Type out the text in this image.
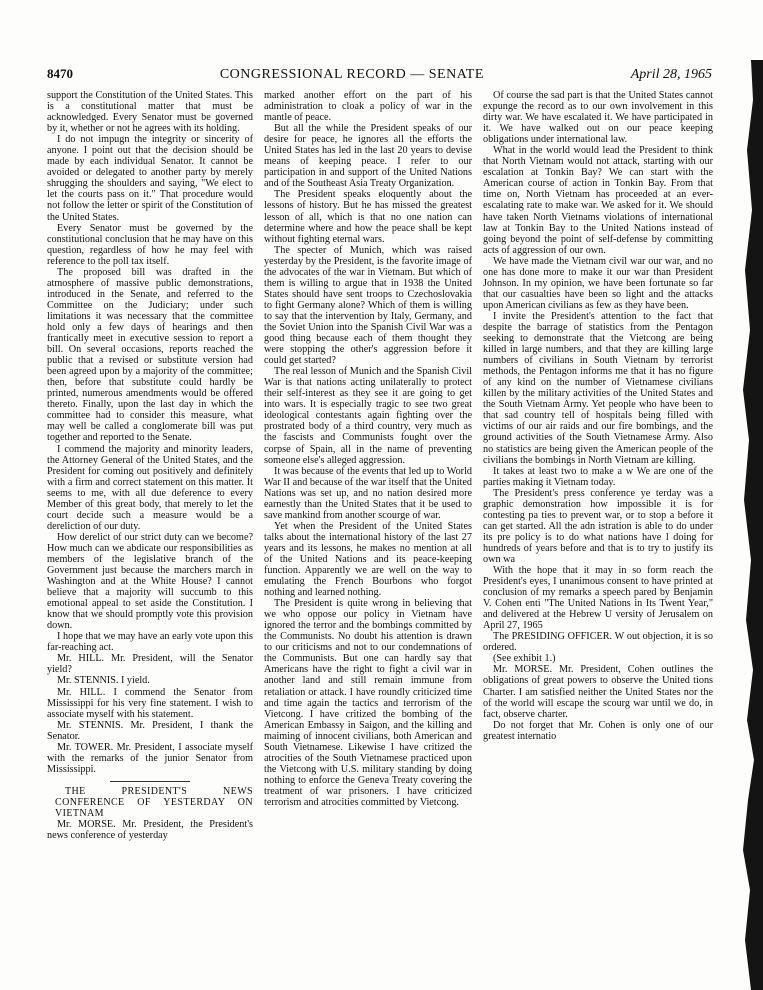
8470	CONGRESSIONAL RECORD — SENATE	April 28, 1965

support the Constitution of the United States. This is a constitutional matter that must be acknowledged. Every Senator must be governed by it, whether or not he agrees with its holding.

I do not impugn the integrity or sincerity of anyone. I point out that the decision should be made by each individual Senator. It cannot be avoided or delegated to another party by merely shrugging the shoulders and saying, "We elect to let the courts pass on it." That procedure would not follow the letter or spirit of the Constitution of the United States.

Every Senator must be governed by the constitutional conclusion that he may have on this question, regardless of how he may feel with reference to the poll tax itself.

The proposed bill was drafted in the atmosphere of massive public demonstrations, introduced in the Senate, and referred to the Committee on the Judiciary; under such limitations it was necessary that the committee hold only a few days of hearings and then frantically meet in executive session to report a bill. On several occasions, reports reached the public that a revised or substitute version had been agreed upon by a majority of the committee; then, before that substitute could hardly be printed, numerous amendments would be offered thereto. Finally, upon the last day in which the committee had to consider this measure, what may well be called a conglomerate bill was put together and reported to the Senate.

I commend the majority and minority leaders, the Attorney General of the United States, and the President for coming out positively and definitely with a firm and correct statement on this matter. It seems to me, with all due deference to every Member of this great body, that merely to let the court decide such a measure would be a dereliction of our duty.

How derelict of our strict duty can we become? How much can we abdicate our responsibilities as members of the legislative branch of the Government just because the marchers march in Washington and at the White House? I cannot believe that a majority will succumb to this emotional appeal to set aside the Constitution. I know that we should promptly vote this provision down.

I hope that we may have an early vote upon this far-reaching act.

Mr. HILL. Mr. President, will the Senator yield?

Mr. STENNIS. I yield.

Mr. HILL. I commend the Senator from Mississippi for his very fine statement. I wish to associate myself with his statement.

Mr. STENNIS. Mr. President, I thank the Senator.

Mr. TOWER. Mr. President, I associate myself with the remarks of the junior Senator from Mississippi.

THE PRESIDENT'S NEWS CONFERENCE OF YESTERDAY ON VIETNAM

Mr. MORSE. Mr. President, the President's news conference of yesterday

marked another effort on the part of his administration to cloak a policy of war in the mantle of peace.

But all the while the President speaks of our desire for peace, he ignores all the efforts the United States has led in the last 20 years to devise means of keeping peace. I refer to our participation in and support of the United Nations and of the Southeast Asia Treaty Organization.

The President speaks eloquently about the lessons of history. But he has missed the greatest lesson of all, which is that no one nation can determine where and how the peace shall be kept without fighting eternal wars.

The specter of Munich, which was raised yesterday by the President, is the favorite image of the advocates of the war in Vietnam. But which of them is willing to argue that in 1938 the United States should have sent troops to Czechoslovakia to fight Germany alone? Which of them is willing to say that the intervention by Italy, Germany, and the Soviet Union into the Spanish Civil War was a good thing because each of them thought they were stopping the other's aggression before it could get started?

The real lesson of Munich and the Spanish Civil War is that nations acting unilaterally to protect their self-interest as they see it are going to get into wars. It is especially tragic to see two great ideological contestants again fighting over the prostrated body of a third country, very much as the fascists and Communists fought over the corpse of Spain, all in the name of preventing someone else's alleged aggression.

It was because of the events that led up to World War II and because of the war itself that the United Nations was set up, and no nation desired more earnestly than the United States that it be used to save mankind from another scourge of war.

Yet when the President of the United States talks about the international history of the last 27 years and its lessons, he makes no mention at all of the United Nations and its peace-keeping function. Apparently we are well on the way to emulating the French Bourbons who forgot nothing and learned nothing.

The President is quite wrong in believing that we who oppose our policy in Vietnam have ignored the terror and the bombings committed by the Communists. No doubt his attention is drawn to our criticisms and not to our condemnations of the Communists. But one can hardly say that Americans have the right to fight a civil war in another land and still remain immune from retaliation or attack. I have roundly criticized time and time again the tactics and terrorism of the Vietcong. I have critized the bombing of the American Embassy in Saigon, and the killing and maiming of innocent civilians, both American and South Vietnamese. Likewise I have critized the atrocities of the South Vietnamese practiced upon the Vietcong with U.S. military standing by doing nothing to enforce the Geneva Treaty covering the treatment of war prisoners. I have criticized terrorism and atrocities committed by Vietcong.

Of course the sad part is that the United States cannot expunge the record as to our own involvement in this dirty war. We have escalated it. We have participated in it. We have walked out on our peace keeping obligations under international law.

What in the world would lead the President to think that North Vietnam would not attack, starting with our escalation at Tonkin Bay? We can start with the American course of action in Tonkin Bay. From that time on, North Vietnam has proceeded at an ever-escalating rate to make war. We asked for it. We should have taken North Vietnams violations of international law at Tonkin Bay to the United Nations instead of going beyond the point of self-defense by committing acts of aggression of our own.

We have made the Vietnam civil war our war, and no one has done more to make it our war than President Johnson. In my opinion, we have been fortunate so far that our casualties have been so light and the attacks upon American civilians as few as they have been.

I invite the President's attention to the fact that despite the barrage of statistics from the Pentagon seeking to demonstrate that the Vietcong are being killed in large numbers, and that they are killing large numbers of civilians in South Vietnam by terrorist methods, the Pentagon informs me that it has no figure of any kind on the number of Vietnamese civilians killen by the military activities of the United States and the South Vietnam Army. Yet people who have been to that sad country tell of hospitals being filled with victims of our air raids and our fire bombings, and the ground activities of the South Vietnamese Army. Also no statistics are being given the American people of the civilians the bombings in North Vietnam are killing.

It takes at least two to make a w We are one of the parties making it Vietnam today.

The President's press conference ye terday was a graphic demonstration how impossible it is for contesting pa ties to prevent war, or to stop a before it can get started. All the adn istration is able to do under its pre policy is to do what nations have l doing for hundreds of years before and that is to try to justify its own wa

With the hope that it may in so form reach the President's eyes, I unanimous consent to have printed at conclusion of my remarks a speech pared by Benjamin V. Cohen enti "The United Nations in Its Twent Year," and delivered at the Hebrew U versity of Jerusalem on April 27, 1965

The PRESIDING OFFICER. W out objection, it is so ordered.

(See exhibit 1.)

Mr. MORSE. Mr. President, Cohen outlines the obligations of great powers to observe the United tions Charter. I am satisfied neither the United States nor the of the world will escape the scourg war until we do, in fact, observe charter.

Do not forget that Mr. Cohen is only one of our greatest internatio
